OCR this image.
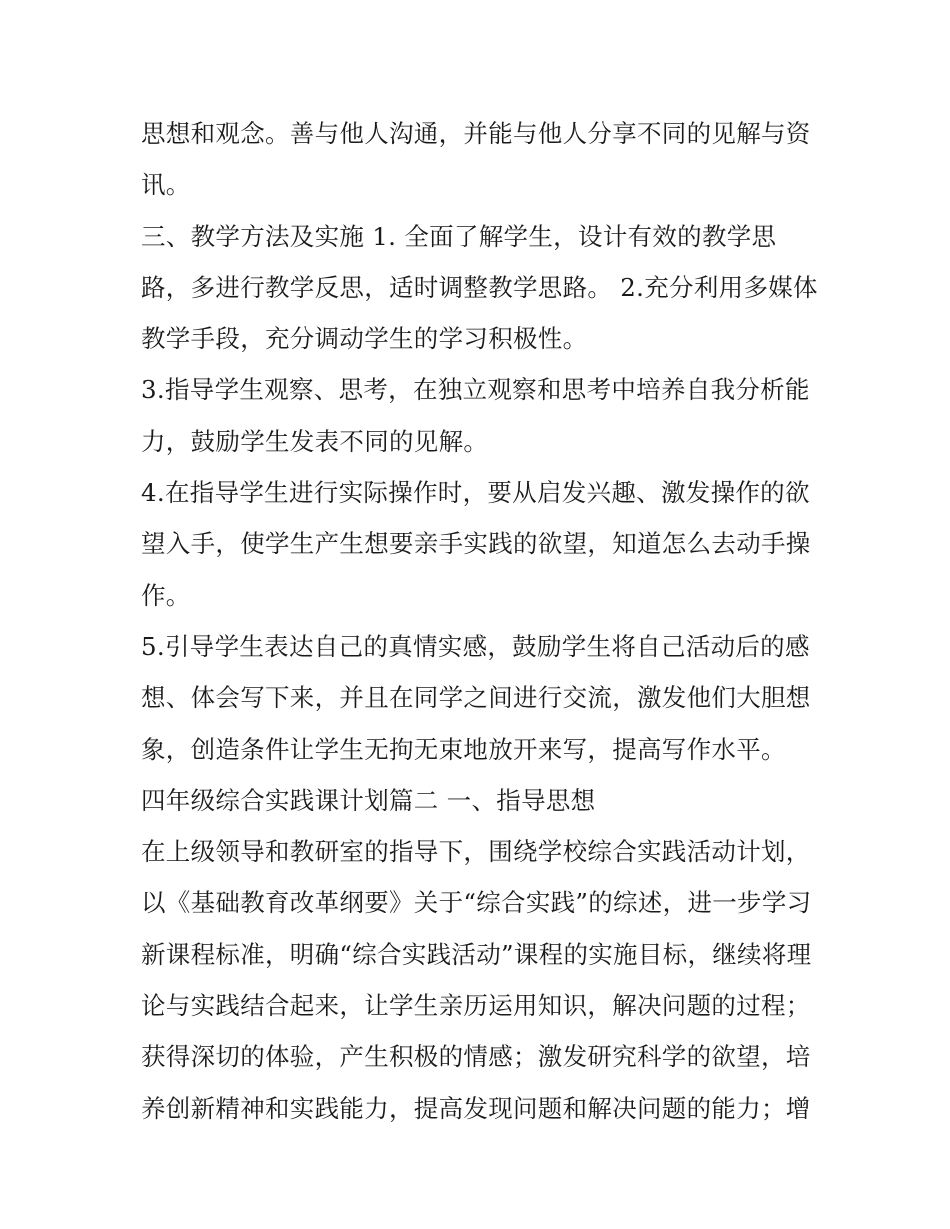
思想和观念。善与他人沟通，并能与他人分享不同的见解与资
讯。
三、教学方法及实施 1. 全面了解学生，设计有效的教学思
路，多进行教学反思，适时调整教学思路。 2.充分利用多媒体
教学手段，充分调动学生的学习积极性。
3.指导学生观察、思考，在独立观察和思考中培养自我分析能
力，鼓励学生发表不同的见解。
4.在指导学生进行实际操作时，要从启发兴趣、激发操作的欲
望入手，使学生产生想要亲手实践的欲望，知道怎么去动手操
作。
5.引导学生表达自己的真情实感，鼓励学生将自己活动后的感
想、体会写下来，并且在同学之间进行交流，激发他们大胆想
象，创造条件让学生无拘无束地放开来写，提高写作水平。
四年级综合实践课计划篇二 一、指导思想
在上级领导和教研室的指导下，围绕学校综合实践活动计划，
以《基础教育改革纲要》关于“综合实践”的综述，进一步学习
新课程标准，明确“综合实践活动”课程的实施目标，继续将理
论与实践结合起来，让学生亲历运用知识，解决问题的过程；
获得深切的体验，产生积极的情感；激发研究科学的欲望，培
养创新精神和实践能力，提高发现问题和解决问题的能力；增
